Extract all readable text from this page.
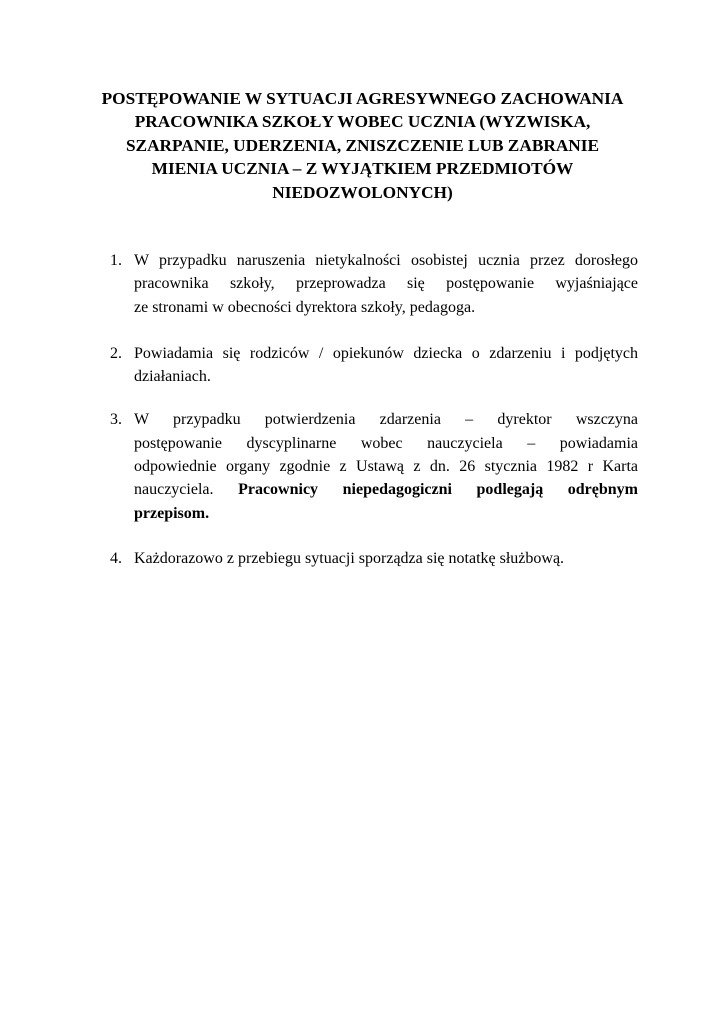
POSTĘPOWANIE W SYTUACJI AGRESYWNEGO ZACHOWANIA
PRACOWNIKA SZKOŁY WOBEC UCZNIA (WYZWISKA,
SZARPANIE, UDERZENIA, ZNISZCZENIE LUB ZABRANIE
MIENIA UCZNIA – Z WYJĄTKIEM PRZEDMIOTÓW
NIEDOZWOLONYCH)
1. W przypadku naruszenia nietykalności osobistej ucznia przez dorosłego
pracownika szkoły, przeprowadza się postępowanie wyjaśniające
ze stronami w obecności dyrektora szkoły, pedagoga.
2. Powiadamia się rodziców / opiekunów dziecka o zdarzeniu i podjętych
działaniach.
3. W przypadku potwierdzenia zdarzenia – dyrektor wszczyna
postępowanie dyscyplinarne wobec nauczyciela – powiadamia
odpowiednie organy zgodnie z Ustawą z dn. 26 stycznia 1982 r Karta
nauczyciela. Pracownicy niepedagogiczni podlegają odrębnym
przepisom.
4. Każdorazowo z przebiegu sytuacji sporządza się notatkę służbową.
